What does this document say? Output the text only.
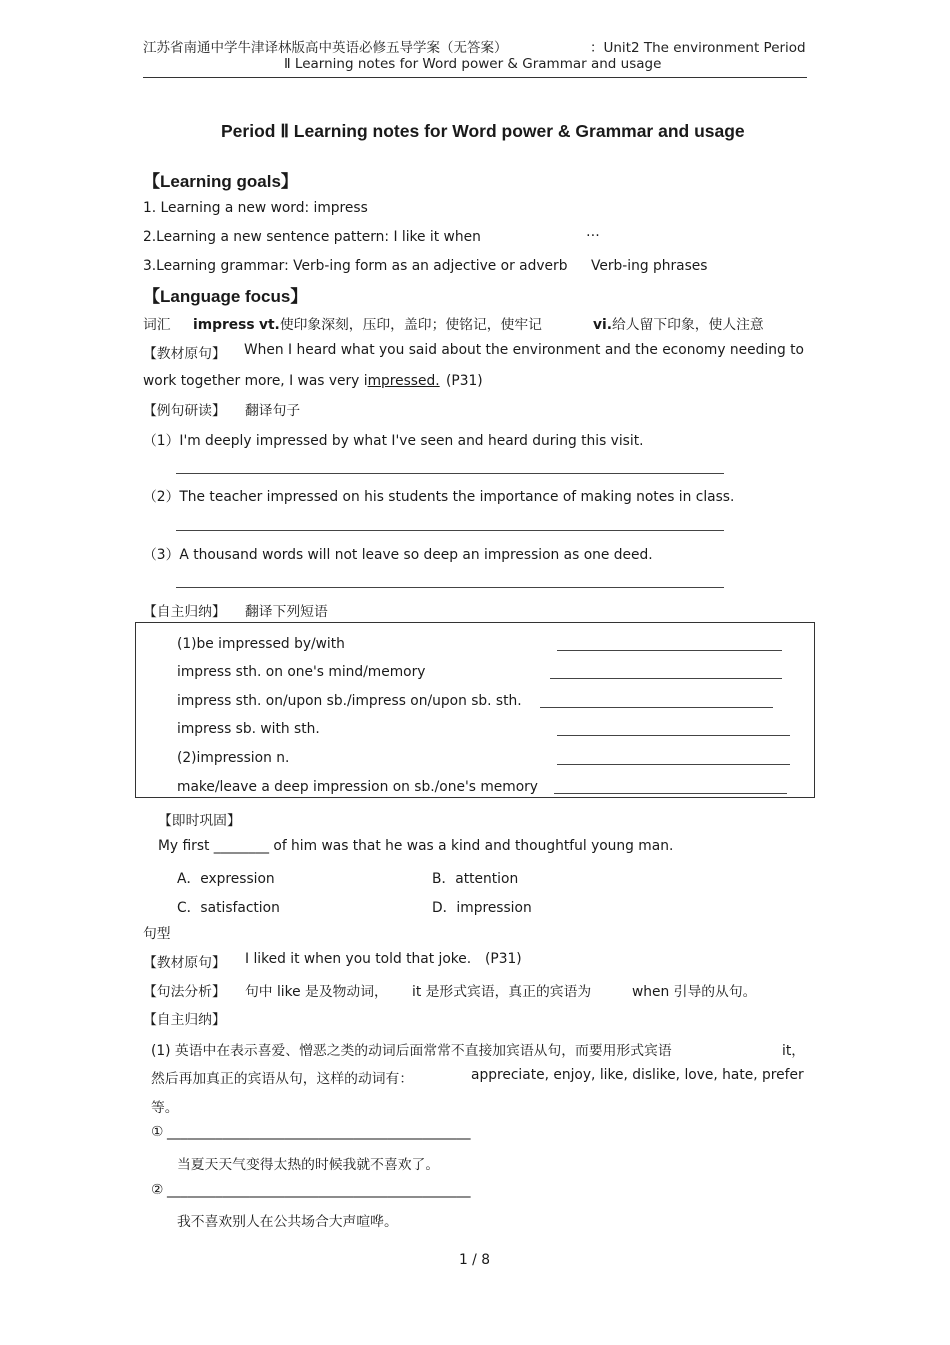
江苏省南通中学牛津译林版高中英语必修五导学案（无答案）	：Unit2 The environment Period
Ⅱ Learning notes for Word power & Grammar and usage
Period Ⅱ Learning notes for Word power & Grammar and usage
【Learning goals】
1. Learning a new word: impress
2.Learning a new sentence pattern: I like it when	…
3.Learning grammar: Verb-ing form as an adjective or adverb Verb-ing phrases
【Language focus】
词汇 impress vt.使印象深刻，压印，盖印；使铭记，使牢记	vi.给人留下印象，使人注意
【教材原句】 When I heard what you said about the environment and the economy needing to
work together more, I was very impressed. (P31)
【例句研读】 翻译句子
（1）I'm deeply impressed by what I've seen and heard during this visit.
（2）The teacher impressed on his students the importance of making notes in class.
（3）A thousand words will not leave so deep an impression as one deed.
【自主归纳】 翻译下列短语
(1)be impressed by/with
impress sth. on one's mind/memory
impress sth. on/upon sb./impress on/upon sb. sth.
impress sb. with sth.
(2)impression n.
make/leave a deep impression on sb./one's memory
【即时巩固】
My first ________ of him was that he was a kind and thoughtful young man.
A．expression	B．attention
C．satisfaction	D．impression
句型
【教材原句】 I liked it when you told that joke. (P31)
【句法分析】 句中 like 是及物动词， it 是形式宾语，真正的宾语为	when 引导的从句。
【自主归纳】
(1) 英语中在表示喜爱、憎恶之类的动词后面常常不直接加宾语从句，而要用形式宾语	it，
然后再加真正的宾语从句，这样的动词有：	appreciate, enjoy, like, dislike, love, hate, prefer
等。
① ____________________________________________
当夏天天气变得太热的时候我就不喜欢了。
② ____________________________________________
我不喜欢别人在公共场合大声喧哗。
1 / 8
